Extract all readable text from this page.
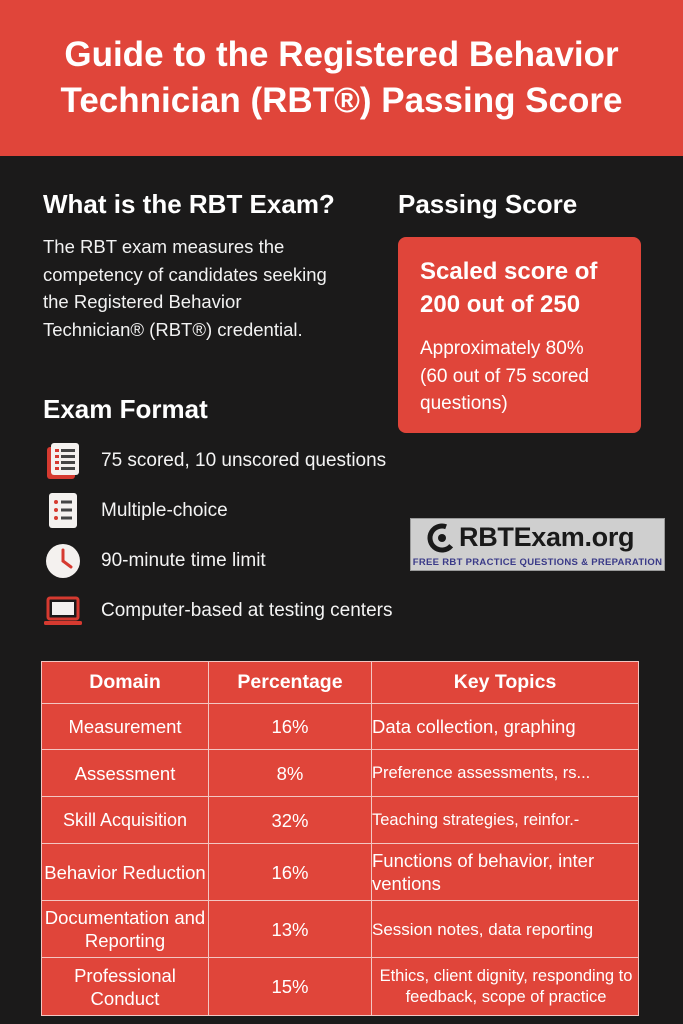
Guide to the Registered Behavior
Technician (RBT®) Passing Score
What is the RBT Exam?
The RBT exam measures the
competency of candidates seeking
the Registered Behavior
Technician® (RBT®) credential.
Passing Score
Scaled score of
200 out of 250
Approximately 80%
(60 out of 75 scored
questions)
Exam Format
75 scored, 10 unscored questions
Multiple-choice
90-minute time limit
Computer-based at testing centers
RBTExam.org
FREE RBT PRACTICE QUESTIONS & PREPARATION
Domain	Percentage	Key Topics
Measurement	16%	Data collection, graphing
Assessment	8%	Preference assessments, rs...
Skill Acquisition	32%	Teaching strategies, reinfor.-
Behavior Reduction	16%	Functions of behavior, inter ventions
Documentation and Reporting	13%	Session notes, data reporting
Professional Conduct	15%	Ethics, client dignity, responding to feedback, scope of practice
